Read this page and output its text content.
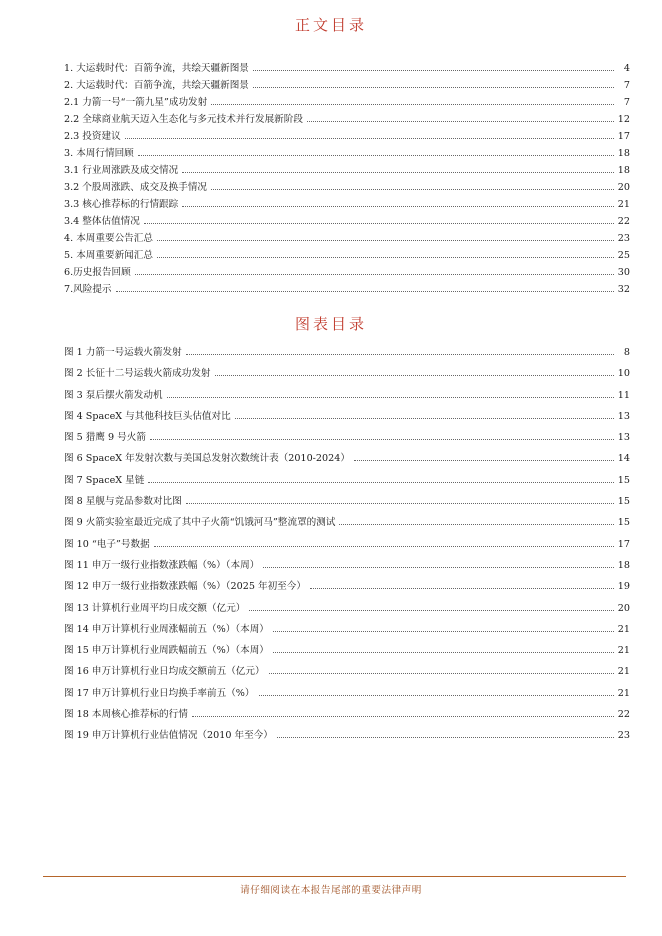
正文目录
1. 大运载时代：百箭争流，共绘天疆新图景	4
2. 大运载时代：百箭争流，共绘天疆新图景	7
2.1 力箭一号“一箭九星”成功发射	7
2.2 全球商业航天迈入生态化与多元技术并行发展新阶段	12
2.3 投资建议	17
3. 本周行情回顾	18
3.1 行业周涨跌及成交情况	18
3.2 个股周涨跌、成交及换手情况	20
3.3 核心推荐标的行情跟踪	21
3.4 整体估值情况	22
4. 本周重要公告汇总	23
5. 本周重要新闻汇总	25
6.历史报告回顾	30
7.风险提示	32
图表目录
图 1 力箭一号运载火箭发射	8
图 2 长征十二号运载火箭成功发射	10
图 3 泵后摆火箭发动机	11
图 4 SpaceX 与其他科技巨头估值对比	13
图 5 猎鹰 9 号火箭	13
图 6 SpaceX 年发射次数与美国总发射次数统计表（2010-2024）	14
图 7 SpaceX 星链	15
图 8 星舰与竞品参数对比图	15
图 9 火箭实验室最近完成了其中子火箭“饥饿河马”整流罩的测试	15
图 10 “电子”号数据	17
图 11 申万一级行业指数涨跌幅（%）（本周）	18
图 12 申万一级行业指数涨跌幅（%）（2025 年初至今）	19
图 13 计算机行业周平均日成交额（亿元）	20
图 14 申万计算机行业周涨幅前五（%）（本周）	21
图 15 申万计算机行业周跌幅前五（%）（本周）	21
图 16 申万计算机行业日均成交额前五（亿元）	21
图 17 申万计算机行业日均换手率前五（%）	21
图 18 本周核心推荐标的行情	22
图 19 申万计算机行业估值情况（2010 年至今）	23
请仔细阅读在本报告尾部的重要法律声明
